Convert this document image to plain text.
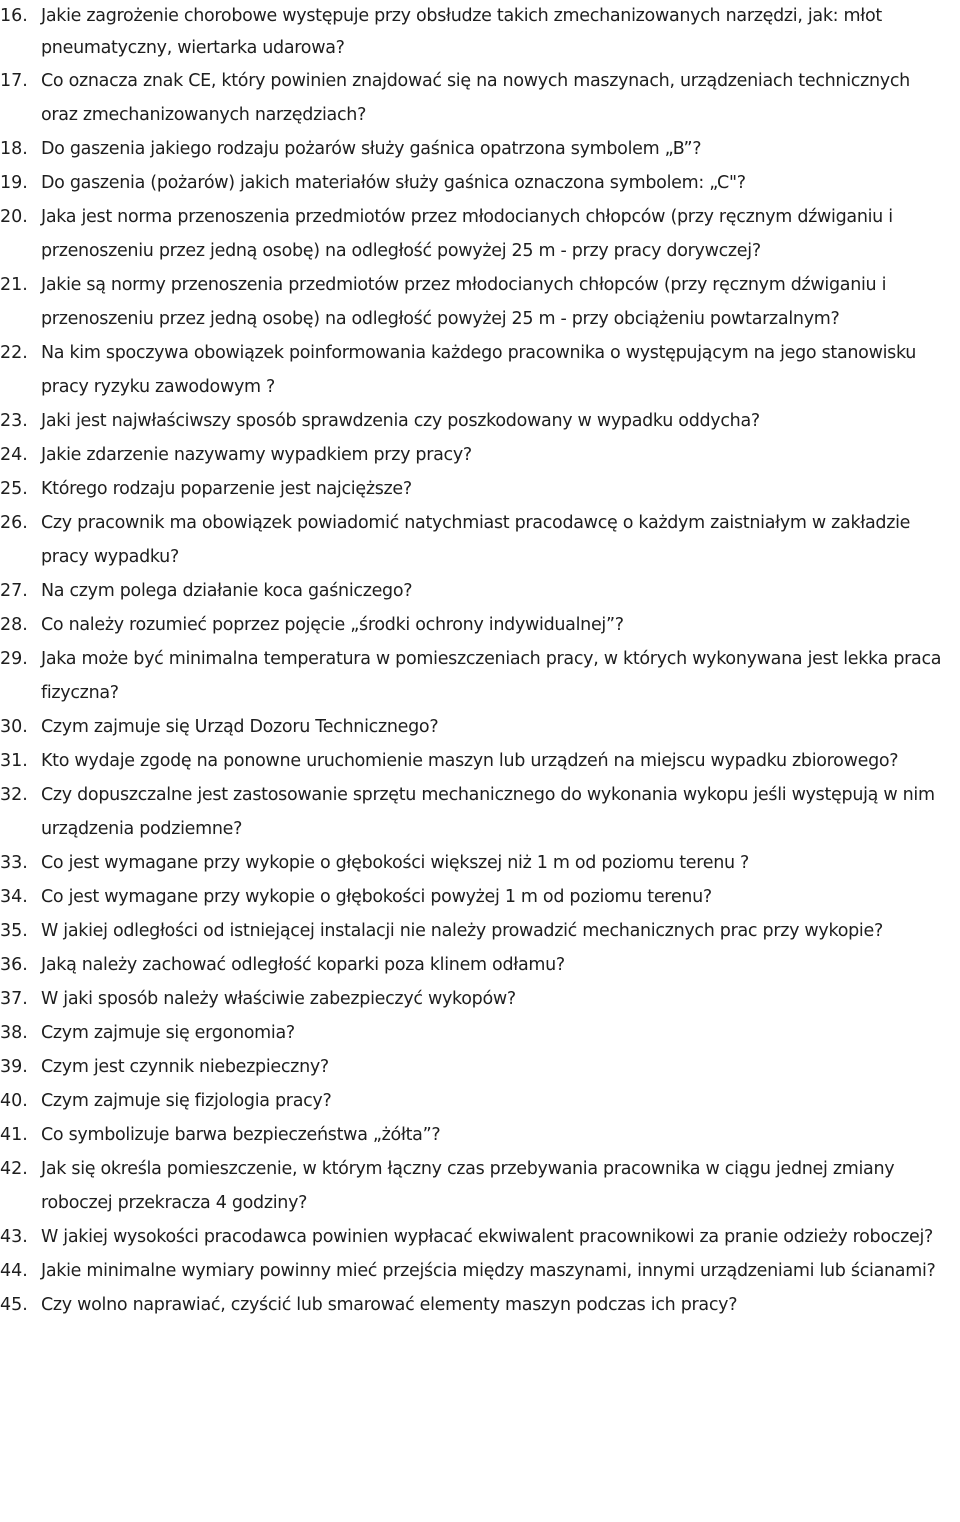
16. Jakie zagrożenie chorobowe występuje przy obsłudze takich zmechanizowanych narzędzi, jak: młot pneumatyczny, wiertarka udarowa?
17. Co oznacza znak CE, który powinien znajdować się na nowych maszynach, urządzeniach technicznych oraz zmechanizowanych narzędziach?
18. Do gaszenia jakiego rodzaju pożarów służy gaśnica opatrzona symbolem „B”?
19. Do gaszenia (pożarów) jakich materiałów służy gaśnica oznaczona symbolem: „C"?
20. Jaka jest norma przenoszenia przedmiotów przez młodocianych chłopców (przy ręcznym dźwiganiu i przenoszeniu przez jedną osobę) na odległość powyżej 25 m - przy pracy dorywczej?
21. Jakie są normy przenoszenia przedmiotów przez młodocianych chłopców (przy ręcznym dźwiganiu i przenoszeniu przez jedną osobę) na odległość powyżej 25 m - przy obciążeniu powtarzalnym?
22. Na kim spoczywa obowiązek poinformowania każdego pracownika o występującym na jego stanowisku pracy ryzyku zawodowym ?
23. Jaki jest najwłaściwszy sposób sprawdzenia czy poszkodowany w wypadku oddycha?
24. Jakie zdarzenie nazywamy wypadkiem przy pracy?
25. Którego rodzaju poparzenie jest najcięższe?
26. Czy pracownik ma obowiązek powiadomić natychmiast pracodawcę o każdym zaistniałym w zakładzie pracy wypadku?
27. Na czym polega działanie koca gaśniczego?
28. Co należy rozumieć poprzez pojęcie „środki ochrony indywidualnej”?
29. Jaka może być minimalna temperatura w pomieszczeniach pracy, w których wykonywana jest lekka praca fizyczna?
30. Czym zajmuje się Urząd Dozoru Technicznego?
31. Kto wydaje zgodę na ponowne uruchomienie maszyn lub urządzeń na miejscu wypadku zbiorowego?
32. Czy dopuszczalne jest zastosowanie sprzętu mechanicznego do wykonania wykopu jeśli występują w nim urządzenia podziemne?
33. Co jest wymagane przy wykopie o głębokości większej niż 1 m od poziomu terenu ?
34. Co jest wymagane przy wykopie o głębokości powyżej 1 m od poziomu terenu?
35. W jakiej odległości od istniejącej instalacji nie należy prowadzić mechanicznych prac przy wykopie?
36. Jaką należy zachować odległość koparki poza klinem odłamu?
37. W jaki sposób należy właściwie zabezpieczyć wykopów?
38. Czym zajmuje się ergonomia?
39. Czym jest czynnik niebezpieczny?
40. Czym zajmuje się fizjologia pracy?
41. Co symbolizuje barwa bezpieczeństwa „żółta”?
42. Jak się określa pomieszczenie, w którym łączny czas przebywania pracownika w ciągu jednej zmiany roboczej przekracza 4 godziny?
43. W jakiej wysokości pracodawca powinien wypłacać ekwiwalent pracownikowi za pranie odzieży roboczej?
44. Jakie minimalne wymiary powinny mieć przejścia między maszynami, innymi urządzeniami lub ścianami?
45. Czy wolno naprawiać, czyścić lub smarować elementy maszyn podczas ich pracy?
